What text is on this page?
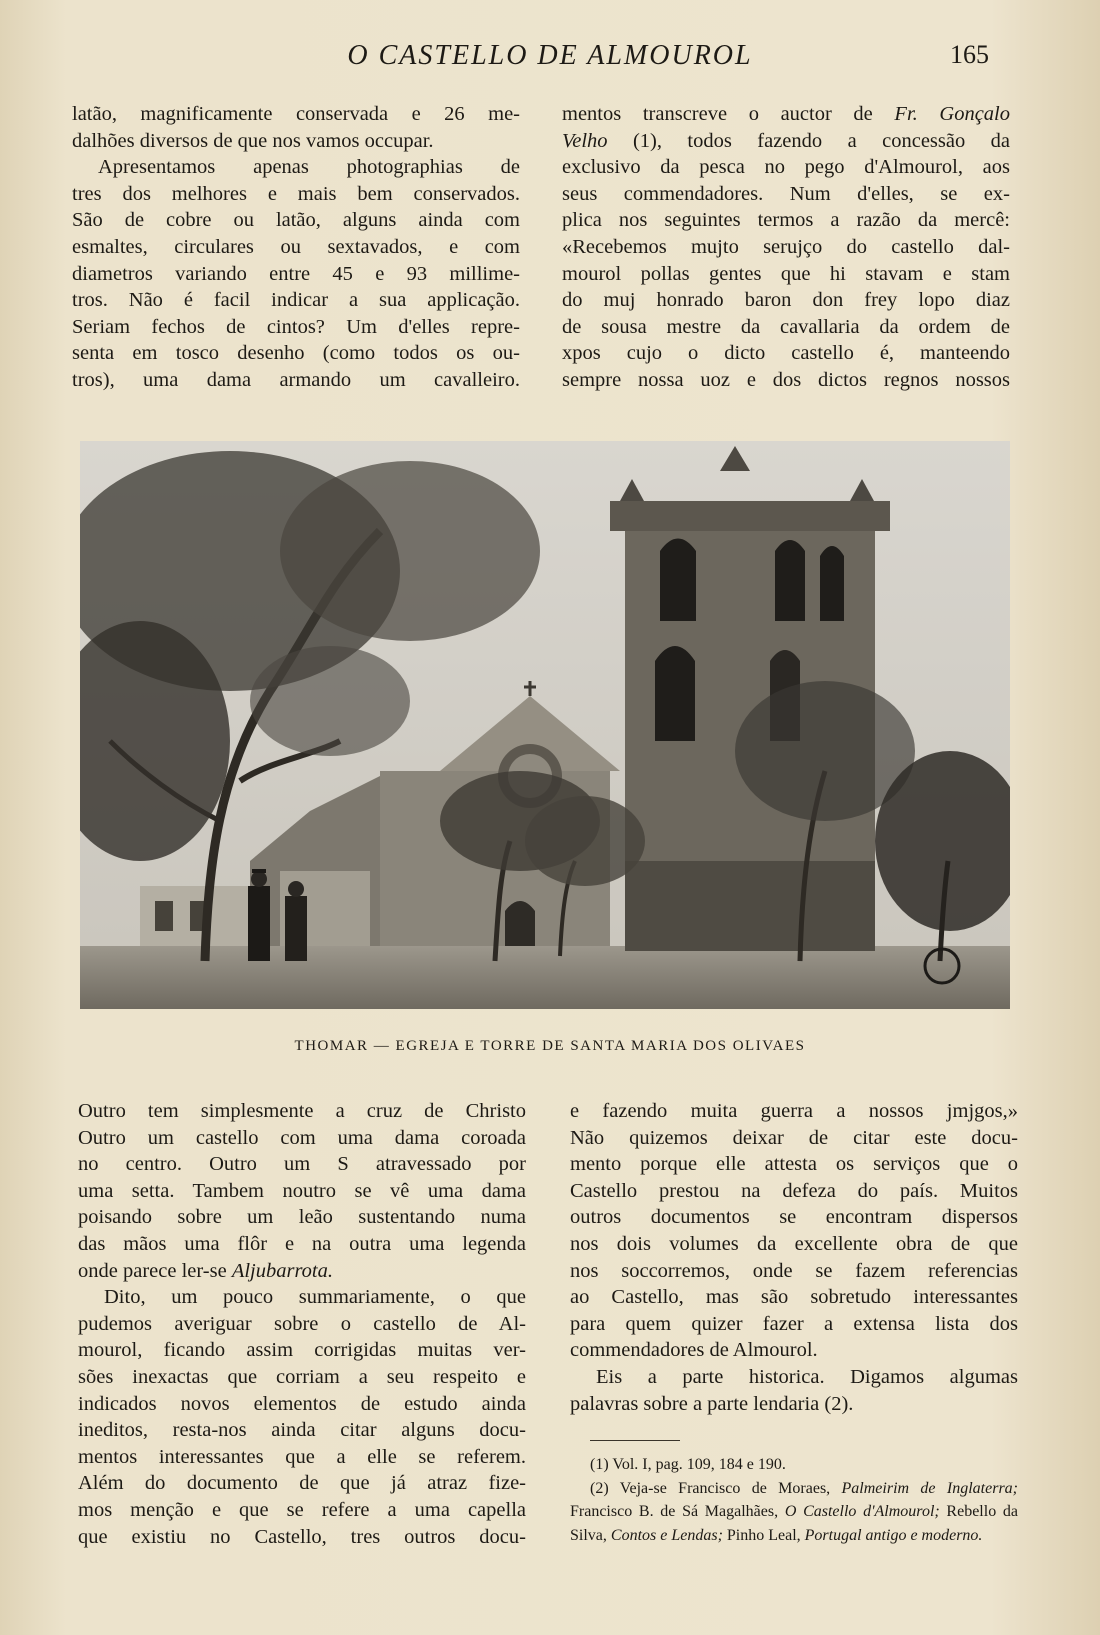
O CASTELLO DE ALMOUROL	165
latão, magnificamente conservada e 26 me-
dalhões diversos de que nos vamos occupar.
Apresentamos apenas photographias de
tres dos melhores e mais bem conservados.
São de cobre ou latão, alguns ainda com
esmaltes, circulares ou sextavados, e com
diametros variando entre 45 e 93 millime-
tros. Não é facil indicar a sua applicação.
Seriam fechos de cintos? Um d'elles repre-
senta em tosco desenho (como todos os ou-
tros), uma dama armando um cavalleiro.
mentos transcreve o auctor de Fr. Gonçalo
Velho (1), todos fazendo a concessão da
exclusivo da pesca no pego d'Almourol, aos
seus commendadores. Num d'elles, se ex-
plica nos seguintes termos a razão da mercê:
«Recebemos mujto serujço do castello dal-
mourol pollas gentes que hi stavam e stam
do muj honrado baron don frey lopo diaz
de sousa mestre da cavallaria da ordem de
xpos cujo o dicto castello é, manteendo
sempre nossa uoz e dos dictos regnos nossos
THOMAR — EGREJA E TORRE DE SANTA MARIA DOS OLIVAES
Outro tem simplesmente a cruz de Christo
Outro um castello com uma dama coroada
no centro. Outro um S atravessado por
uma setta. Tambem noutro se vê uma dama
poisando sobre um leão sustentando numa
das mãos uma flôr e na outra uma legenda
onde parece ler-se Aljubarrota.
Dito, um pouco summariamente, o que
pudemos averiguar sobre o castello de Al-
mourol, ficando assim corrigidas muitas ver-
sões inexactas que corriam a seu respeito e
indicados novos elementos de estudo ainda
ineditos, resta-nos ainda citar alguns docu-
mentos interessantes que a elle se referem.
Além do documento de que já atraz fize-
mos menção e que se refere a uma capella
que existiu no Castello, tres outros docu-
e fazendo muita guerra a nossos jmjgos,»
Não quizemos deixar de citar este docu-
mento porque elle attesta os serviços que o
Castello prestou na defeza do país. Muitos
outros documentos se encontram dispersos
nos dois volumes da excellente obra de que
nos soccorremos, onde se fazem referencias
ao Castello, mas são sobretudo interessantes
para quem quizer fazer a extensa lista dos
commendadores de Almourol.
Eis a parte historica. Digamos algumas
palavras sobre a parte lendaria (2).

(1) Vol. I, pag. 109, 184 e 190.

(2) Veja-se Francisco de Moraes, Palmeirim de Inglaterra; Francisco B. de Sá Magalhães, O Castello d'Almourol; Rebello da Silva, Contos e Lendas; Pinho Leal, Portugal antigo e moderno.
